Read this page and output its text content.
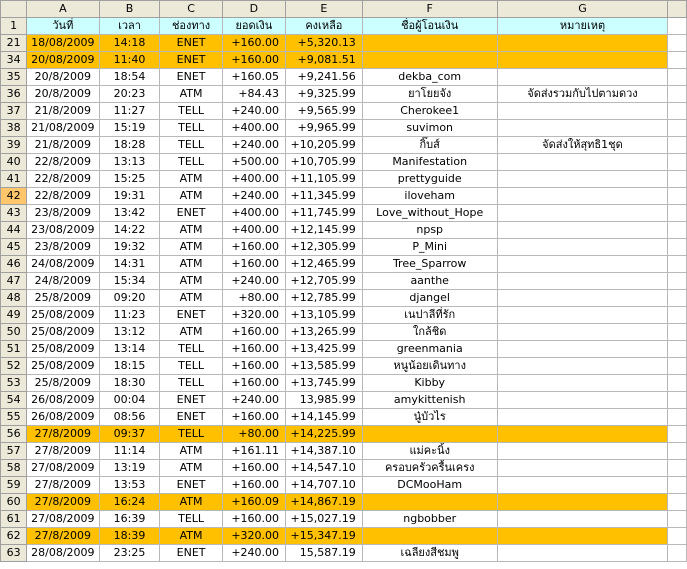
	A	B	C	D	E	F	G	
1	วันที่	เวลา	ช่องทาง	ยอดเงิน	คงเหลือ	ชื่อผู้โอนเงิน	หมายเหตุ	
21	18/08/2009	14:18	ENET	+160.00	+5,320.13			
34	20/08/2009	11:40	ENET	+160.00	+9,081.51			
35	20/8/2009	18:54	ENET	+160.05	+9,241.56	dekba_com		
36	20/8/2009	20:23	ATM	+84.43	+9,325.99	ยาโยยจัง	จัดส่งรวมกับไปตามดวง	
37	21/8/2009	11:27	TELL	+240.00	+9,565.99	Cherokee1		
38	21/08/2009	15:19	TELL	+400.00	+9,965.99	suvimon		
39	21/8/2009	18:28	TELL	+240.00	+10,205.99	กิ๊บส์	จัดส่งให้สุทธิ1ชุด	
40	22/8/2009	13:13	TELL	+500.00	+10,705.99	Manifestation		
41	22/8/2009	15:25	ATM	+400.00	+11,105.99	prettyguide		
42	22/8/2009	19:31	ATM	+240.00	+11,345.99	iloveham		
43	23/8/2009	13:42	ENET	+400.00	+11,745.99	Love_without_Hope		
44	23/08/2009	14:22	ATM	+400.00	+12,145.99	npsp		
45	23/8/2009	19:32	ATM	+160.00	+12,305.99	P_Mini		
46	24/08/2009	14:31	ATM	+160.00	+12,465.99	Tree_Sparrow		
47	24/8/2009	15:34	ATM	+240.00	+12,705.99	aanthe		
48	25/8/2009	09:20	ATM	+80.00	+12,785.99	djangel		
49	25/08/2009	11:23	ENET	+320.00	+13,105.99	เนปาลีที่รัก		
50	25/08/2009	13:12	ATM	+160.00	+13,265.99	ใกล้ชิด		
51	25/08/2009	13:14	TELL	+160.00	+13,425.99	greenmania		
52	25/08/2009	18:15	TELL	+160.00	+13,585.99	หนูน้อยเดินทาง		
53	25/8/2009	18:30	TELL	+160.00	+13,745.99	Kibby		
54	26/08/2009	00:04	ENET	+240.00	13,985.99	amykittenish		
55	26/08/2009	08:56	ENET	+160.00	+14,145.99	นู๋บัวไร		
56	27/8/2009	09:37	TELL	+80.00	+14,225.99			
57	27/8/2009	11:14	ATM	+161.11	+14,387.10	แม่คะนิ้ง		
58	27/08/2009	13:19	ATM	+160.00	+14,547.10	ครอบครัวครื้นเครง		
59	27/8/2009	13:53	ENET	+160.00	+14,707.10	DCMooHam		
60	27/8/2009	16:24	ATM	+160.09	+14,867.19			
61	27/08/2009	16:39	TELL	+160.00	+15,027.19	ngbobber		
62	27/8/2009	18:39	ATM	+320.00	+15,347.19			
63	28/08/2009	23:25	ENET	+240.00	15,587.19	เฉลียงสีชมพู		
